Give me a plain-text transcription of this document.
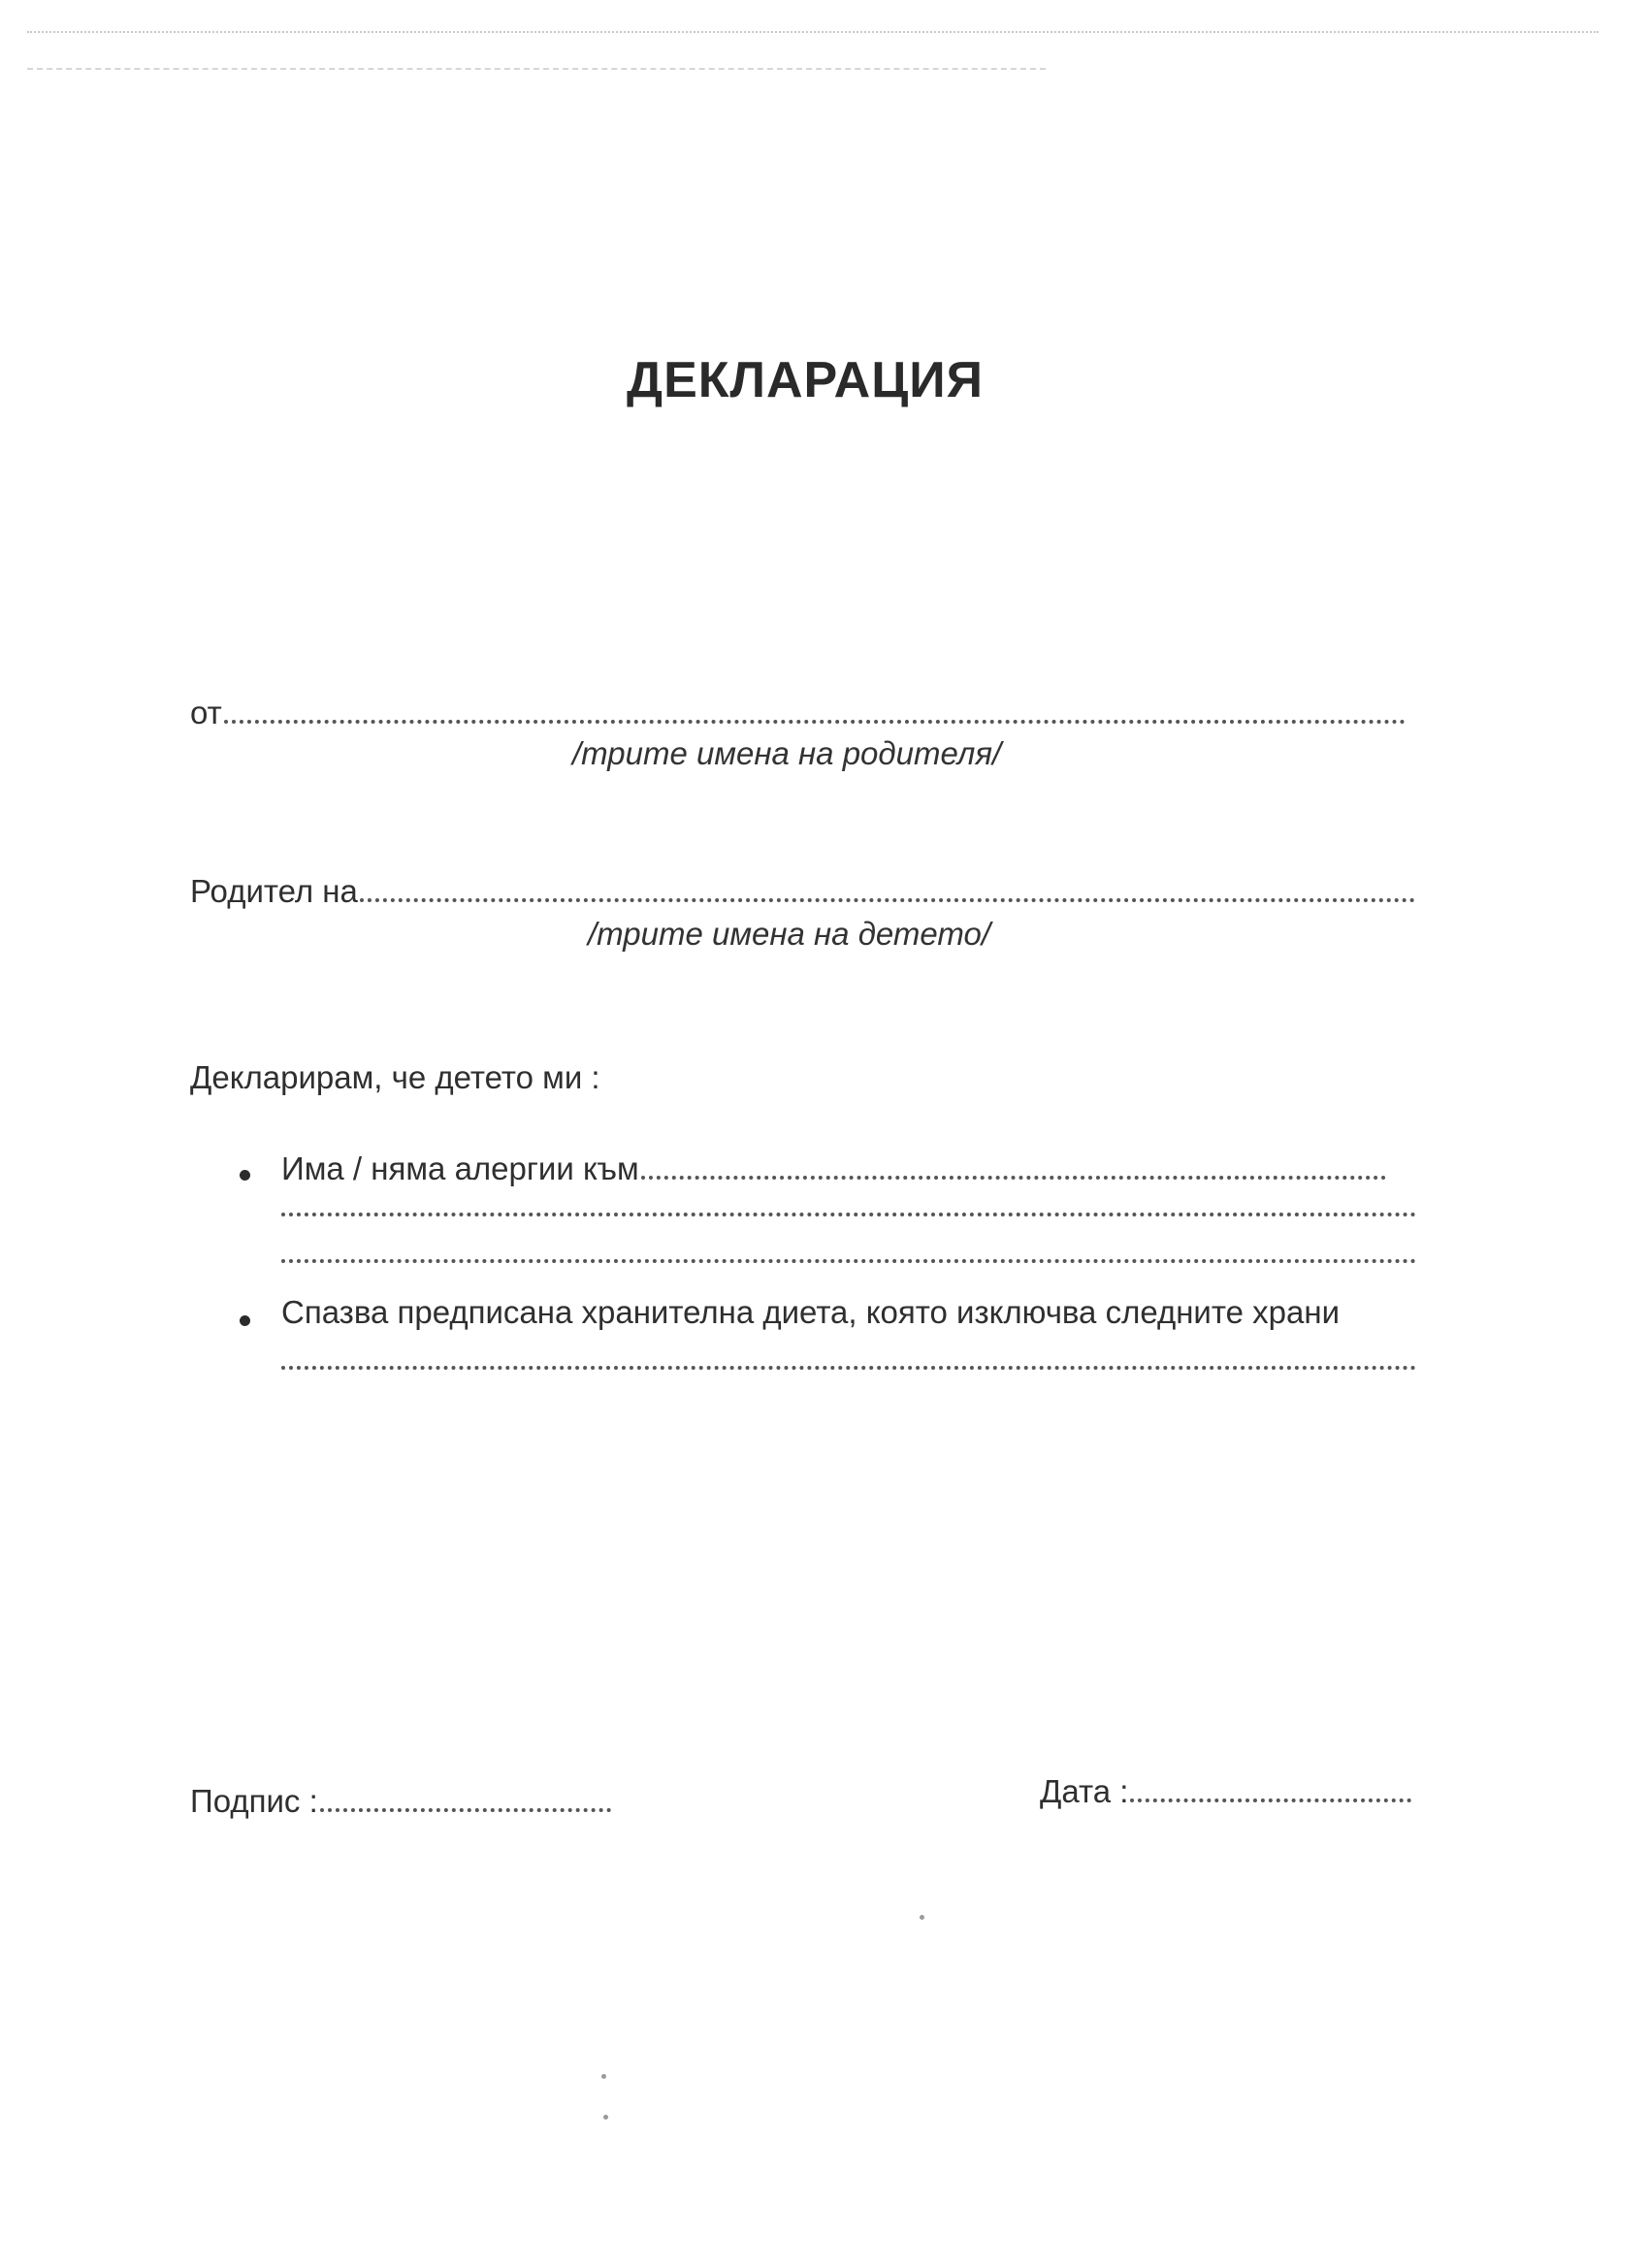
ДЕКЛАРАЦИЯ
от
/трите имена на родителя/
Родител на
/трите имена на детето/
Декларирам, че детето ми :
Има / няма алергии към
Спазва предписана хранителна диета, която изключва следните храни
Подпис :	Дата :
